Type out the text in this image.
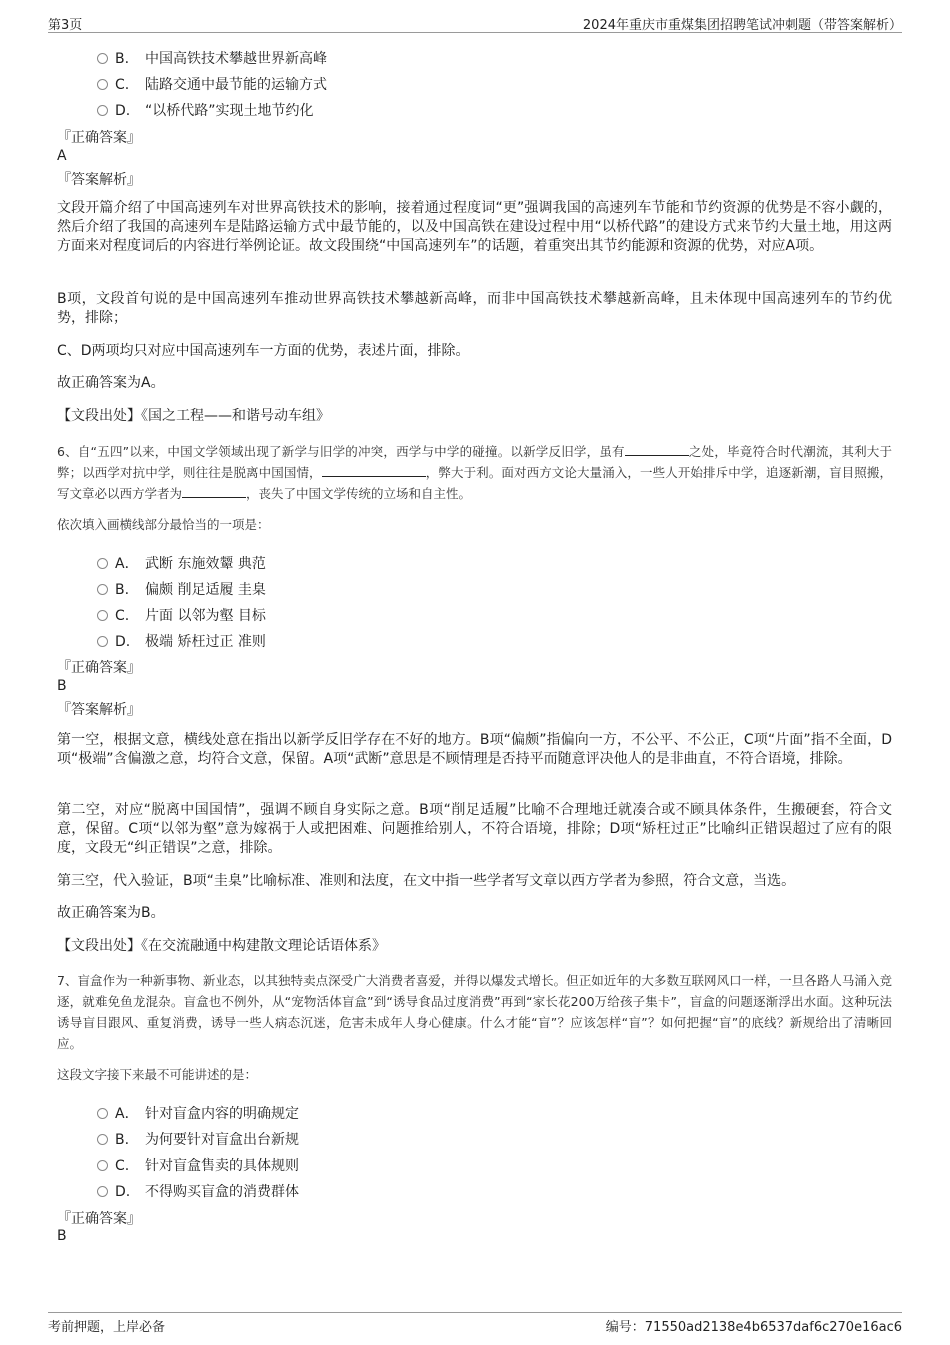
第3页	2024年重庆市重煤集团招聘笔试冲刺题（带答案解析）
B. 中国高铁技术攀越世界新高峰
C. 陆路交通中最节能的运输方式
D. “以桥代路”实现土地节约化
『正确答案』
A
『答案解析』
文段开篇介绍了中国高速列车对世界高铁技术的影响，接着通过程度词“更”强调我国的高速列车节能和节约资源的优势是不容小觑的，然后介绍了我国的高速列车是陆路运输方式中最节能的，以及中国高铁在建设过程中用“以桥代路”的建设方式来节约大量土地，用这两方面来对程度词后的内容进行举例论证。故文段围绕“中国高速列车”的话题，着重突出其节约能源和资源的优势，对应A项。
B项，文段首句说的是中国高速列车推动世界高铁技术攀越新高峰，而非中国高铁技术攀越新高峰，且未体现中国高速列车的节约优势，排除；
C、D两项均只对应中国高速列车一方面的优势，表述片面，排除。
故正确答案为A。
【文段出处】《国之工程——和谐号动车组》
6、自“五四”以来，中国文学领域出现了新学与旧学的冲突，西学与中学的碰撞。以新学反旧学，虽有	之处，毕竟符合时代潮流，其利大于弊；以西学对抗中学，则往往是脱离中国国情，	，弊大于利。面对西方文论大量涌入，一些人开始排斥中学，追逐新潮，盲目照搬，写文章必以西方学者为	，丧失了中国文学传统的立场和自主性。
依次填入画横线部分最恰当的一项是：
A． 武断 东施效颦 典范
B. 偏颇 削足适履 圭臬
C. 片面 以邻为壑 目标
D. 极端 矫枉过正 准则
『正确答案』
B
『答案解析』
第一空，根据文意，横线处意在指出以新学反旧学存在不好的地方。B项“偏颇”指偏向一方，不公平、不公正，C项“片面”指不全面，D项“极端”含偏激之意，均符合文意，保留。A项“武断”意思是不顾情理是否持平而随意评决他人的是非曲直，不符合语境，排除。
第二空，对应“脱离中国国情”，强调不顾自身实际之意。B项“削足适履”比喻不合理地迁就凑合或不顾具体条件，生搬硬套，符合文意，保留。C项“以邻为壑”意为嫁祸于人或把困难、问题推给别人，不符合语境，排除；D项“矫枉过正”比喻纠正错误超过了应有的限度，文段无“纠正错误”之意，排除。
第三空，代入验证，B项“圭臬”比喻标准、准则和法度，在文中指一些学者写文章以西方学者为参照，符合文意，当选。
故正确答案为B。
【文段出处】《在交流融通中构建散文理论话语体系》
7、盲盒作为一种新事物、新业态，以其独特卖点深受广大消费者喜爱，并得以爆发式增长。但正如近年的大多数互联网风口一样，一旦各路人马涌入竞逐，就难免鱼龙混杂。盲盒也不例外，从“宠物活体盲盒”到“诱导食品过度消费”再到“家长花200万给孩子集卡”，盲盒的问题逐渐浮出水面。这种玩法诱导盲目跟风、重复消费，诱导一些人病态沉迷，危害未成年人身心健康。什么才能“盲”？应该怎样“盲”？如何把握“盲”的底线？新规给出了清晰回应。
这段文字接下来最不可能讲述的是：
A． 针对盲盒内容的明确规定
B. 为何要针对盲盒出台新规
C. 针对盲盒售卖的具体规则
D. 不得购买盲盒的消费群体
『正确答案』
B
考前押题，上岸必备	编号：71550ad2138e4b6537daf6c270e16ac6
